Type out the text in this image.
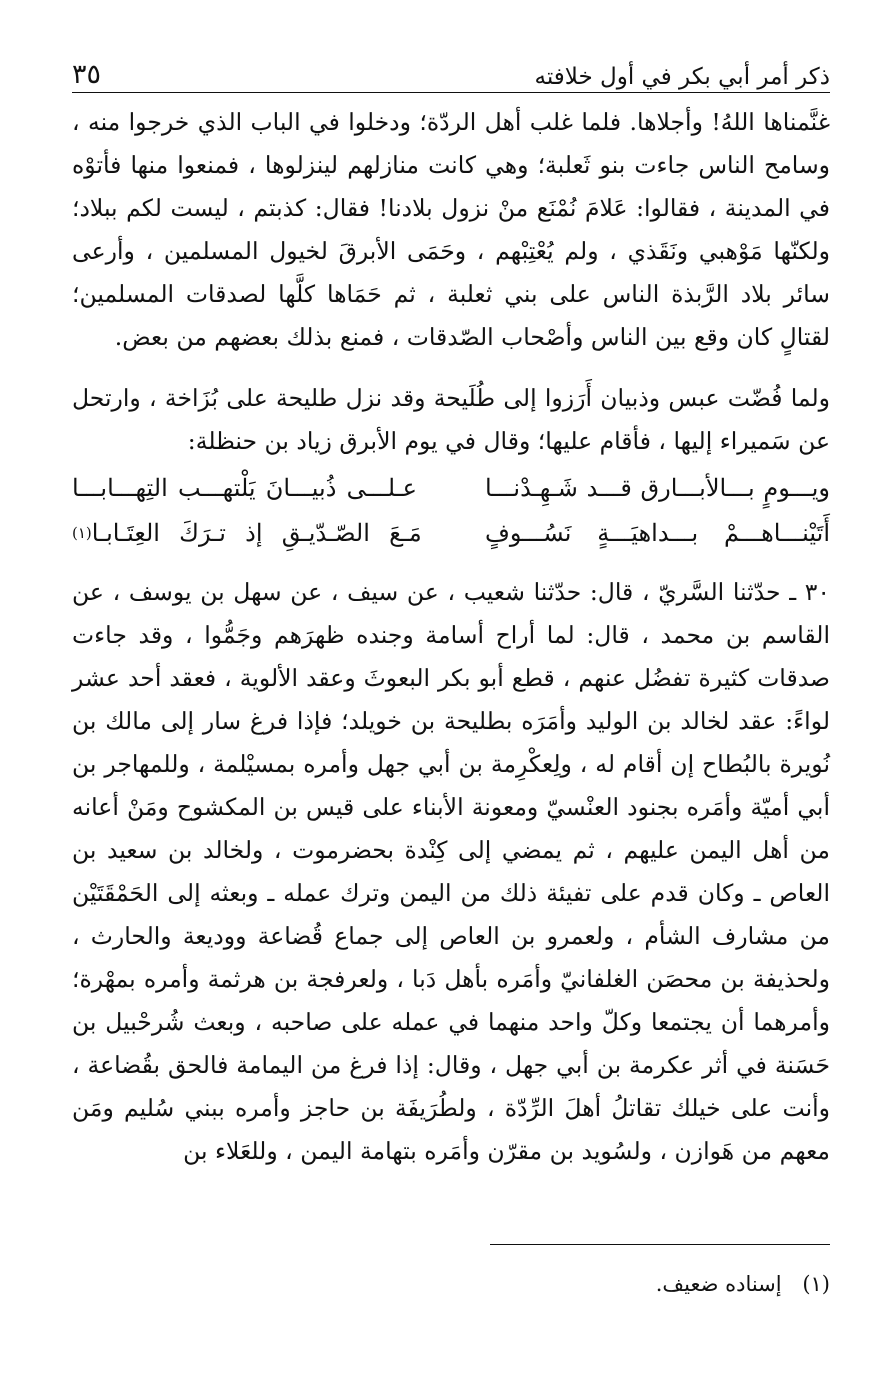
ذكر أمر أبي بكر في أول خلافته
٣٥

غنَّمناها اللهُ! وأجلاها. فلما غلب أهل الردّة؛ ودخلوا في الباب الذي خرجوا منه ، وسامح الناس جاءت بنو ثَعلبة؛ وهي كانت منازلهم لينزلوها ، فمنعوا منها فأتوْه في المدينة ، فقالوا: عَلامَ نُمْنَع منْ نزول بلادنا! فقال: كذبتم ، ليست لكم ببلاد؛ ولكنّها مَوْهبي ونَقَذي ، ولم يُعْتِبْهم ، وحَمَى الأبرقَ لخيول المسلمين ، وأرعى سائر بلاد الرَّبذة الناس على بني ثعلبة ، ثم حَمَاها كلَّها لصدقات المسلمين؛ لقتالٍ كان وقع بين الناس وأصْحاب الصّدقات ، فمنع بذلك بعضهم من بعض.

ولما فُضّت عبس وذبيان أَرَزوا إلى طُلَيحة وقد نزل طليحة على بُزَاخة ، وارتحل عن سَميراء إليها ، فأقام عليها؛ وقال في يوم الأبرق زياد بن حنظلة:

ويـــومٍ بـــالأبـــارق قـــد شَـهِـدْنـــا
عـلـــى ذُبيـــانَ يَلْتهـــب التِهـــابـــا
أَتَيْنـــاهـــمْ بـــداهيَـــةٍ نَسُـــوفٍ
مَـعَ الصّـدّيـقِ إذ تـرَكَ العِتَـابـا
(١)

٣٠ ـ حدّثنا السَّريّ ، قال: حدّثنا شعيب ، عن سيف ، عن سهل بن يوسف ، عن القاسم بن محمد ، قال: لما أراح أسامة وجنده ظهرَهم وجَمُّوا ، وقد جاءت صدقات كثيرة تفضُل عنهم ، قطع أبو بكر البعوثَ وعقد الألوية ، فعقد أحد عشر لواءً: عقد لخالد بن الوليد وأمَرَه بطليحة بن خويلد؛ فإذا فرغ سار إلى مالك بن نُويرة بالبُطاح إن أقام له ، ولِعكْرِمة بن أبي جهل وأمره بمسيْلمة ، وللمهاجر بن أبي أميّة وأمَره بجنود العنْسيّ ومعونة الأبناء على قيس بن المكشوح ومَنْ أعانه من أهل اليمن عليهم ، ثم يمضي إلى كِنْدة بحضرموت ، ولخالد بن سعيد بن العاص ـ وكان قدم على تفيئة ذلك من اليمن وترك عمله ـ وبعثه إلى الحَمْقَتَيْن من مشارف الشأم ، ولعمرو بن العاص إلى جماع قُضاعة ووديعة والحارث ، ولحذيفة بن محصَن الغلفانيّ وأمَره بأهل دَبا ، ولعرفجة بن هرثمة وأمره بمهْرة؛ وأمرهما أن يجتمعا وكلّ واحد منهما في عمله على صاحبه ، وبعث شُرحْبيل بن حَسَنة في أثر عكرمة بن أبي جهل ، وقال: إذا فرغ من اليمامة فالحق بقُضاعة ، وأنت على خيلك تقاتلُ أهلَ الرِّدّة ، ولطُرَيفَة بن حاجز وأمره ببني سُليم ومَن معهم من هَوازن ، ولسُويد بن مقرّن وأمَره بتهامة اليمن ، وللعَلاء بن

(١) إسناده ضعيف.
